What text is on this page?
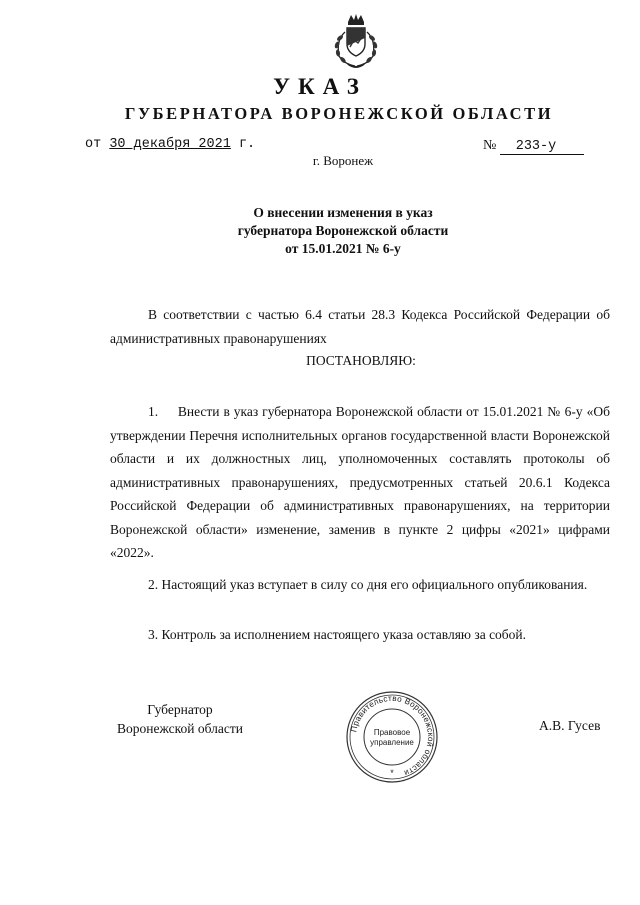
УКАЗ
ГУБЕРНАТОРА ВОРОНЕЖСКОЙ ОБЛАСТИ
от 30 декабря 2021 г.	№ 233-у
г. Воронеж
О внесении изменения в указ
губернатора Воронежской области
от 15.01.2021 № 6-у
В соответствии с частью 6.4 статьи 28.3 Кодекса Российской Федерации об административных правонарушениях
ПОСТАНОВЛЯЮ:
1.     Внести в указ губернатора Воронежской области от 15.01.2021 № 6-у «Об утверждении Перечня исполнительных органов государственной власти Воронежской области и их должностных лиц, уполномоченных составлять протоколы об административных правонарушениях, предусмотренных статьей 20.6.1 Кодекса Российской Федерации об административных правонарушениях, на территории Воронежской области» изменение, заменив в пункте 2 цифры «2021» цифрами «2022».
2. Настоящий указ вступает в силу со дня его официального опубликования.
3. Контроль за исполнением настоящего указа оставляю за собой.
Губернатор
Воронежской области	Правительство Воронежской области
Правовое
управление
*
А.В. Гусев
